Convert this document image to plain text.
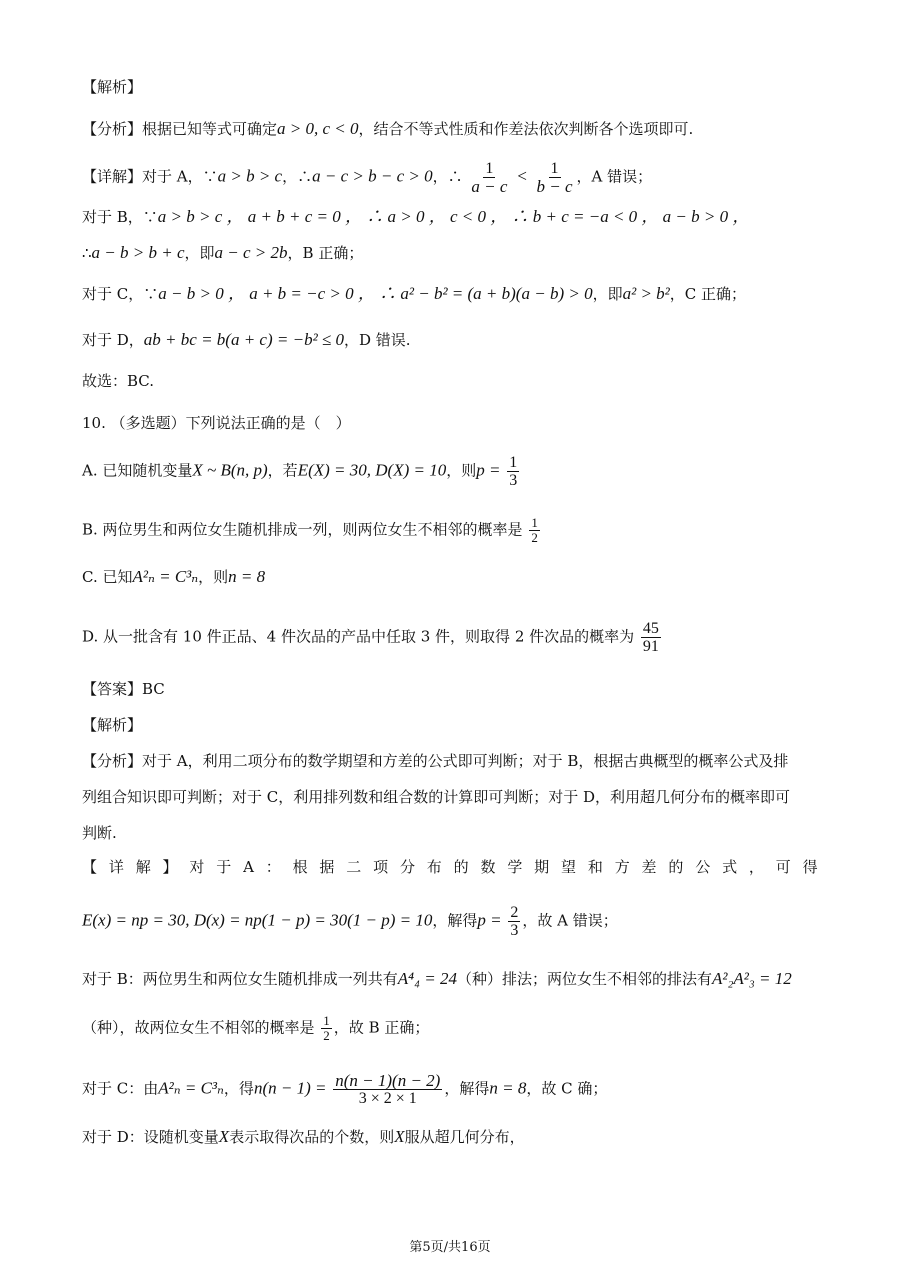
【解析】
【分析】根据已知等式可确定a > 0, c < 0，结合不等式性质和作差法依次判断各个选项即可.
【详解】对于 A，∵a > b > c，∴a − c > b − c > 0，∴ $\frac{1}{a - c} < \frac{1}{b - c}$ ，A 错误；
对于 B，∵a > b > c ， a + b + c = 0 ， ∴ a > 0 ， c < 0 ， ∴ b + c = −a < 0 ， a − b > 0 ，
∴a − b > b + c，即a − c > 2b，B 正确；
对于 C，∵a − b > 0 ， a + b = −c > 0 ， ∴ a² − b² = (a + b)(a − b) > 0，即a² > b²，C 正确；
对于 D，ab + bc = b(a + c) = −b² ≤ 0，D 错误.
故选：BC.
10. （多选题）下列说法正确的是（　）
A. 已知随机变量X ~ B(n, p)，若E(X) = 30, D(X) = 10，则$p = \frac{1}{3}$
B. 两位男生和两位女生随机排成一列，则两位女生不相邻的概率是 $\frac{1}{2}$
C. 已知A²ₙ = C³ₙ，则n = 8
D. 从一批含有 10 件正品、4 件次品的产品中任取 3 件，则取得 2 件次品的概率为 $\frac{45}{91}$
【答案】BC
【解析】
【分析】对于 A，利用二项分布的数学期望和方差的公式即可判断；对于 B，根据古典概型的概率公式及排
列组合知识即可判断；对于 C，利用排列数和组合数的计算即可判断；对于 D，利用超几何分布的概率即可
判断.
【 详 解 】 对 于 A ： 根 据 二 项 分 布 的 数 学 期 望 和 方 差 的 公 式 ， 可 得
E(x) = np = 30, D(x) = np(1 − p) = 30(1 − p) = 10，解得$p = \frac{2}{3}$ ，故 A 错误；
对于 B：两位男生和两位女生随机排成一列共有A⁴₄ = 24（种）排法；两位女生不相邻的排法有A²₂A²₃ = 12
（种），故两位女生不相邻的概率是 $\frac{1}{2}$ ，故 B 正确；
对于 C：由A²ₙ = C³ₙ，得$n(n - 1) = \frac{n(n - 1)(n - 2)}{3 \times 2 \times 1}$ ，解得n = 8，故 C 确；
对于 D：设随机变量X表示取得次品的个数，则X服从超几何分布，
第5页/共16页
